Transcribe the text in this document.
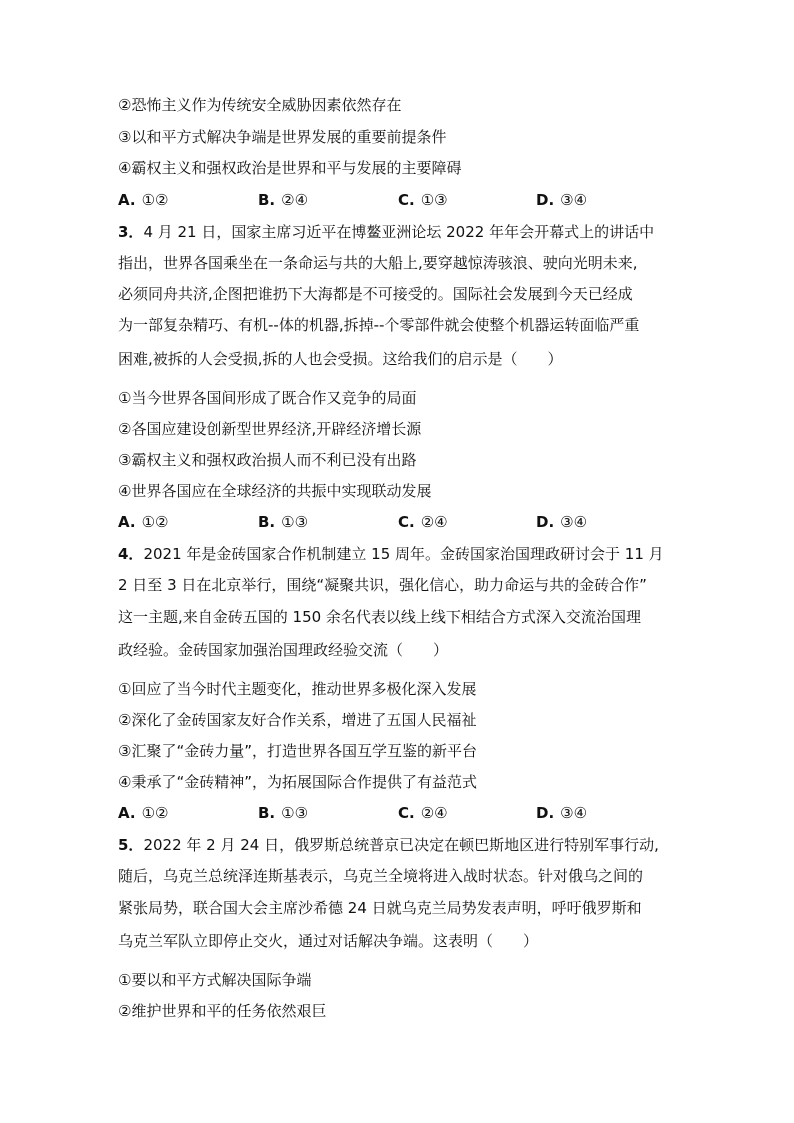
②恐怖主义作为传统安全威胁因素依然存在
③以和平方式解决争端是世界发展的重要前提条件
④霸权主义和强权政治是世界和平与发展的主要障碍
A. ①②	B. ②④	C. ①③	D. ③④
3．4 月 21 日，国家主席习近平在博鳌亚洲论坛 2022 年年会开幕式上的讲话中
指出，世界各国乘坐在一条命运与共的大船上,要穿越惊涛骇浪、驶向光明未来,
必须同舟共济,企图把谁扔下大海都是不可接受的。国际社会发展到今天已经成
为一部复杂精巧、有机--体的机器,拆掉--个零部件就会使整个机器运转面临严重
困难,被拆的人会受损,拆的人也会受损。这给我们的启示是（　　）
①当今世界各国间形成了既合作又竞争的局面
②各国应建设创新型世界经济,开辟经济增长源
③霸权主义和强权政治损人而不利已没有出路
④世界各国应在全球经济的共振中实现联动发展
A. ①②	B. ①③	C. ②④	D. ③④
4．2021 年是金砖国家合作机制建立 15 周年。金砖国家治国理政研讨会于 11 月
2 日至 3 日在北京举行，围绕“凝聚共识，强化信心，助力命运与共的金砖合作”
这一主题,来自金砖五国的 150 余名代表以线上线下相结合方式深入交流治国理
政经验。金砖国家加强治国理政经验交流（　　）
①回应了当今时代主题变化，推动世界多极化深入发展
②深化了金砖国家友好合作关系，增进了五国人民福祉
③汇聚了“金砖力量”，打造世界各国互学互鉴的新平台
④秉承了“金砖精神”，为拓展国际合作提供了有益范式
A. ①②	B. ①③	C. ②④	D. ③④
5．2022 年 2 月 24 日，俄罗斯总统普京已决定在顿巴斯地区进行特别军事行动,
随后，乌克兰总统泽连斯基表示，乌克兰全境将进入战时状态。针对俄乌之间的
紧张局势，联合国大会主席沙希德 24 日就乌克兰局势发表声明，呼吁俄罗斯和
乌克兰军队立即停止交火，通过对话解决争端。这表明（　　）
①要以和平方式解决国际争端
②维护世界和平的任务依然艰巨
